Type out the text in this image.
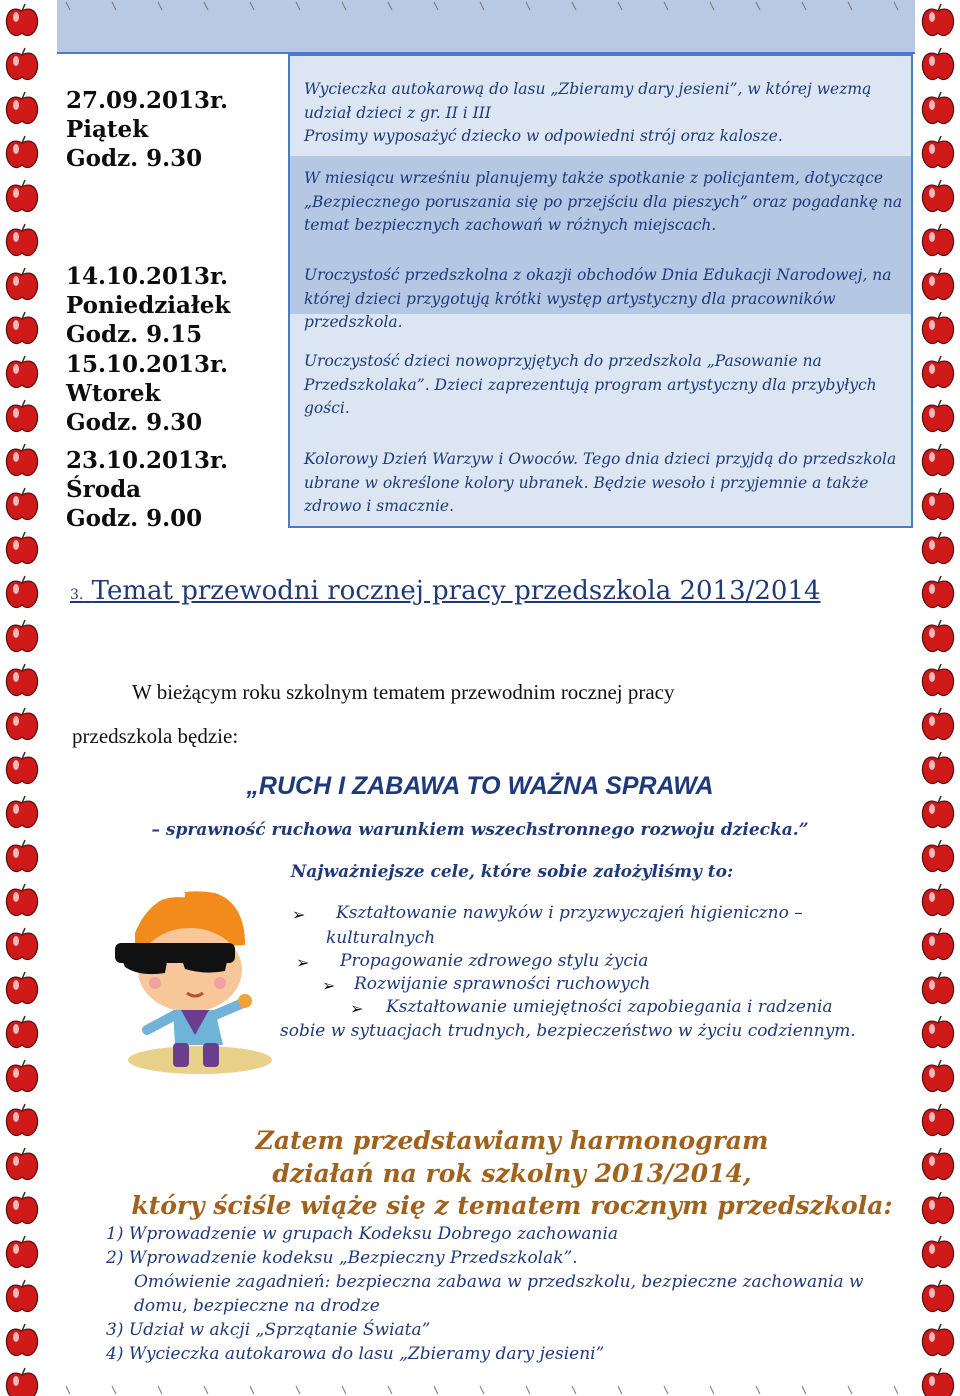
27.09.2013r.
Piątek
Godz. 9.30
14.10.2013r.
Poniedziałek
Godz. 9.15
15.10.2013r.
Wtorek
Godz. 9.30
23.10.2013r.
Środa
Godz. 9.00
Wycieczka autokarową do lasu „Zbieramy dary jesieni”, w której wezmą udział dzieci z gr. II i III
Prosimy wyposażyć dziecko w odpowiedni strój oraz kalosze.
W miesiącu wrześniu planujemy także spotkanie z policjantem, dotyczące „Bezpiecznego poruszania się po przejściu dla pieszych” oraz pogadankę na temat bezpiecznych zachowań w różnych miejscach.
Uroczystość przedszkolna z okazji obchodów Dnia Edukacji Narodowej, na której dzieci przygotują krótki występ artystyczny dla pracowników przedszkola.
Uroczystość dzieci nowoprzyjętych do przedszkola „Pasowanie na Przedszkolaka”. Dzieci zaprezentują program artystyczny dla przybyłych gości.
Kolorowy Dzień Warzyw i Owoców. Tego dnia dzieci przyjdą do przedszkola ubrane w określone kolory ubranek. Będzie wesoło i przyjemnie a także zdrowo i smacznie.
3. Temat przewodni rocznej pracy przedszkola 2013/2014
W bieżącym roku szkolnym tematem przewodnim rocznej pracy
przedszkola będzie:
„RUCH I ZABAWA TO WAŻNA SPRAWA
– sprawność ruchowa warunkiem wszechstronnego rozwoju dziecka.”
Najważniejsze cele, które sobie założyliśmy to:
➢ Kształtowanie nawyków i przyzwyczajeń higieniczno –
kulturalnych
➢ Propagowanie zdrowego stylu życia
➢ Rozwijanie sprawności ruchowych
➢ Kształtowanie umiejętności zapobiegania i radzenia
sobie w sytuacjach trudnych, bezpieczeństwo w życiu codziennym.
Zatem przedstawiamy harmonogram
działań na rok szkolny 2013/2014,
który ściśle wiąże się z tematem rocznym przedszkola:
1) Wprowadzenie w grupach Kodeksu Dobrego zachowania
2) Wprowadzenie kodeksu „Bezpieczny Przedszkolak”.
Omówienie zagadnień: bezpieczna zabawa w przedszkolu, bezpieczne zachowania w
domu, bezpieczne na drodze
3) Udział w akcji „Sprzątanie Świata”
4) Wycieczka autokarowa do lasu „Zbieramy dary jesieni”
